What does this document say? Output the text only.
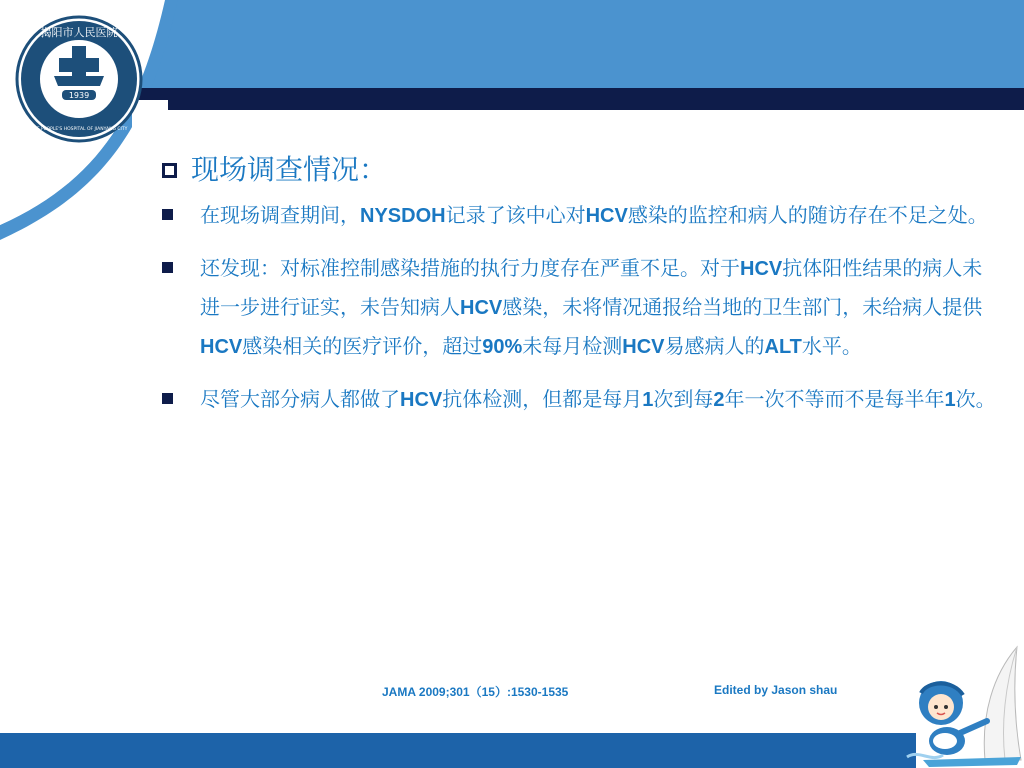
1939
揭阳市人民医院
THE PEOPLE'S HOSPITAL OF JIANYANG CITY
现场调查情况：
在现场调查期间，NYSDOH记录了该中心对HCV感染的监控和病人的随访存在不足之处。
还发现：对标准控制感染措施的执行力度存在严重不足。对于HCV抗体阳性结果的病人未进一步进行证实，未告知病人HCV感染，未将情况通报给当地的卫生部门，未给病人提供HCV感染相关的医疗评价，超过90%未每月检测HCV易感病人的ALT水平。
尽管大部分病人都做了HCV抗体检测，但都是每月1次到每2年一次不等而不是每半年1次。
JAMA 2009;301（15）:1530-1535	Edited by Jason shau
